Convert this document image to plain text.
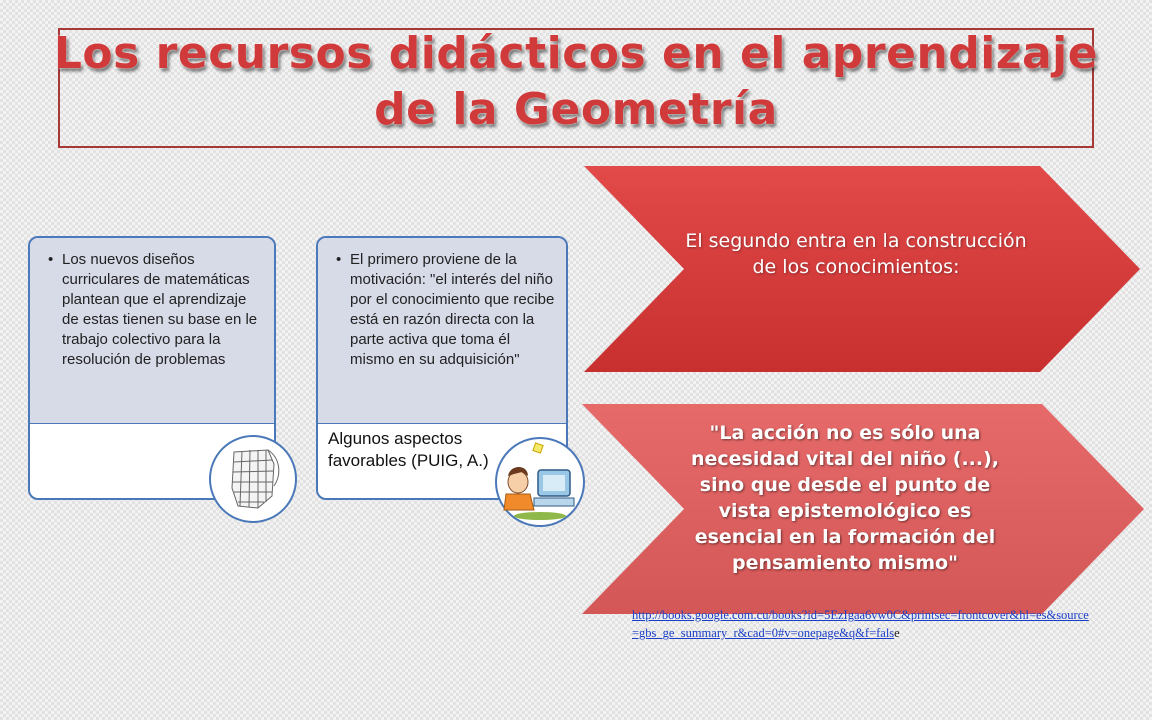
Los recursos didácticos en el aprendizaje de la Geometría
• Los nuevos diseños curriculares de matemáticas plantean que el aprendizaje de estas tienen su base en le trabajo colectivo para la resolución de problemas
• El primero proviene de la motivación: "el interés del niño por el conocimiento que recibe está en razón directa con la parte activa que toma él mismo en su adquisición"
Algunos aspectos favorables (PUIG, A.)
El segundo entra en la construcción de los conocimientos:
"La acción no es sólo una necesidad vital del niño (...), sino que desde el punto de vista epistemológico es esencial en la formación del pensamiento mismo"
http://books.google.com.cu/books?id=5EzIgaa6vw0C&printsec=frontcover&hl=es&source=gbs_ge_summary_r&cad=0#v=onepage&q&f=false
